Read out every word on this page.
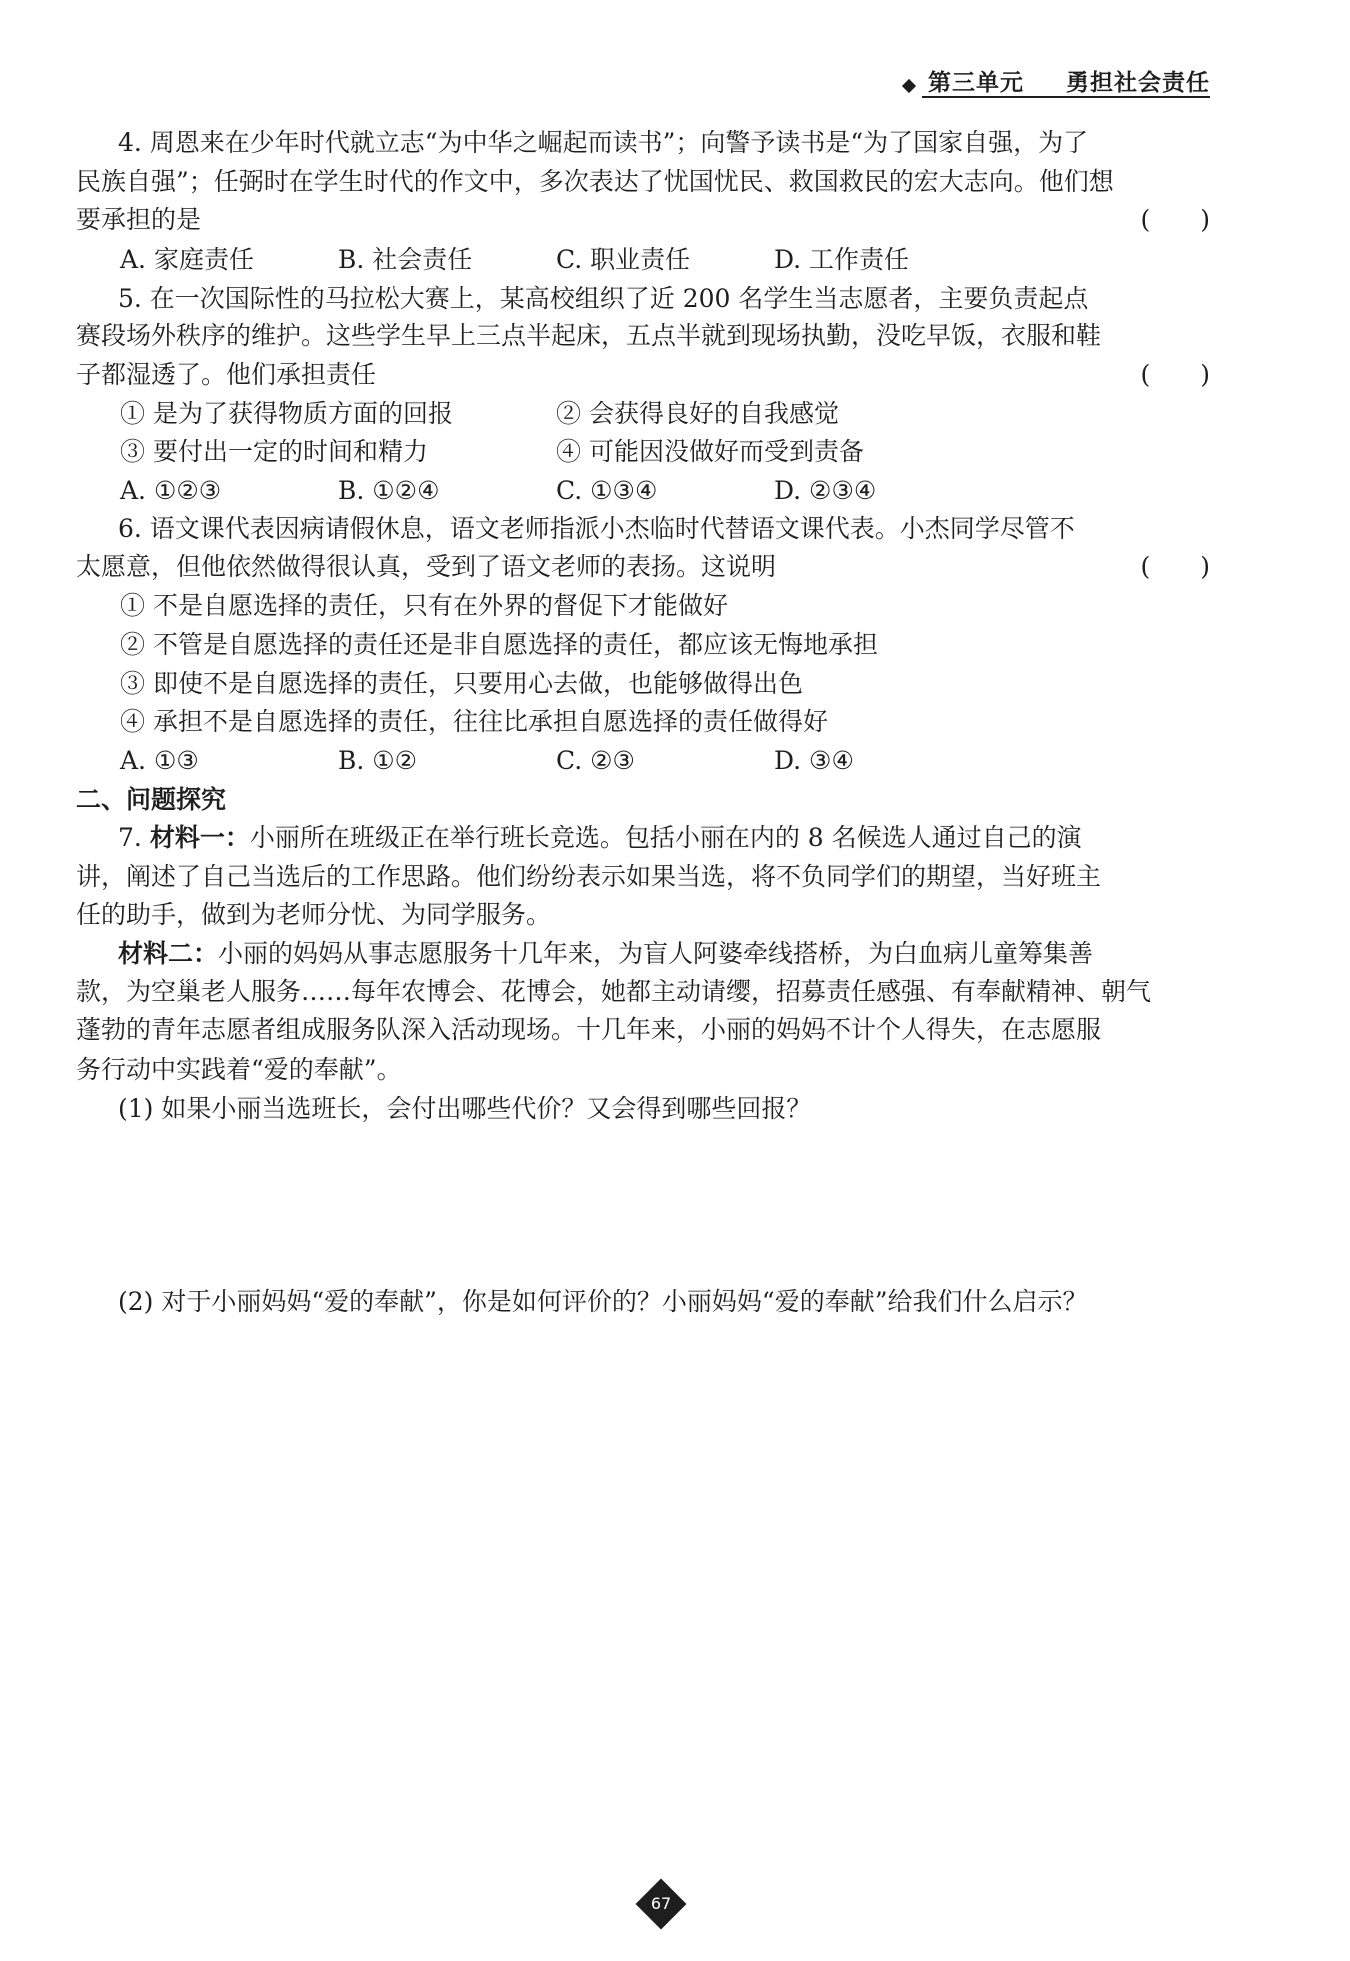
第三单元 勇担社会责任
4. 周恩来在少年时代就立志“为中华之崛起而读书”；向警予读书是“为了国家自强，为了
民族自强”；任弼时在学生时代的作文中，多次表达了忧国忧民、救国救民的宏大志向。他们想
要承担的是	(　　)
A. 家庭责任	B. 社会责任	C. 职业责任	D. 工作责任
5. 在一次国际性的马拉松大赛上，某高校组织了近 200 名学生当志愿者，主要负责起点
赛段场外秩序的维护。这些学生早上三点半起床，五点半就到现场执勤，没吃早饭，衣服和鞋
子都湿透了。他们承担责任	(　　)
① 是为了获得物质方面的回报	② 会获得良好的自我感觉
③ 要付出一定的时间和精力	④ 可能因没做好而受到责备
A. ①②③	B. ①②④	C. ①③④	D. ②③④
6. 语文课代表因病请假休息，语文老师指派小杰临时代替语文课代表。小杰同学尽管不
太愿意，但他依然做得很认真，受到了语文老师的表扬。这说明	(　　)
① 不是自愿选择的责任，只有在外界的督促下才能做好
② 不管是自愿选择的责任还是非自愿选择的责任，都应该无悔地承担
③ 即使不是自愿选择的责任，只要用心去做，也能够做得出色
④ 承担不是自愿选择的责任，往往比承担自愿选择的责任做得好
A. ①③	B. ①②	C. ②③	D. ③④
二、问题探究
7. 材料一：小丽所在班级正在举行班长竞选。包括小丽在内的 8 名候选人通过自己的演
讲，阐述了自己当选后的工作思路。他们纷纷表示如果当选，将不负同学们的期望，当好班主
任的助手，做到为老师分忧、为同学服务。
材料二：小丽的妈妈从事志愿服务十几年来，为盲人阿婆牵线搭桥，为白血病儿童筹集善
款，为空巢老人服务……每年农博会、花博会，她都主动请缨，招募责任感强、有奉献精神、朝气
蓬勃的青年志愿者组成服务队深入活动现场。十几年来，小丽的妈妈不计个人得失，在志愿服
务行动中实践着“爱的奉献”。
(1) 如果小丽当选班长，会付出哪些代价？又会得到哪些回报？
(2) 对于小丽妈妈“爱的奉献”，你是如何评价的？小丽妈妈“爱的奉献”给我们什么启示？
67
